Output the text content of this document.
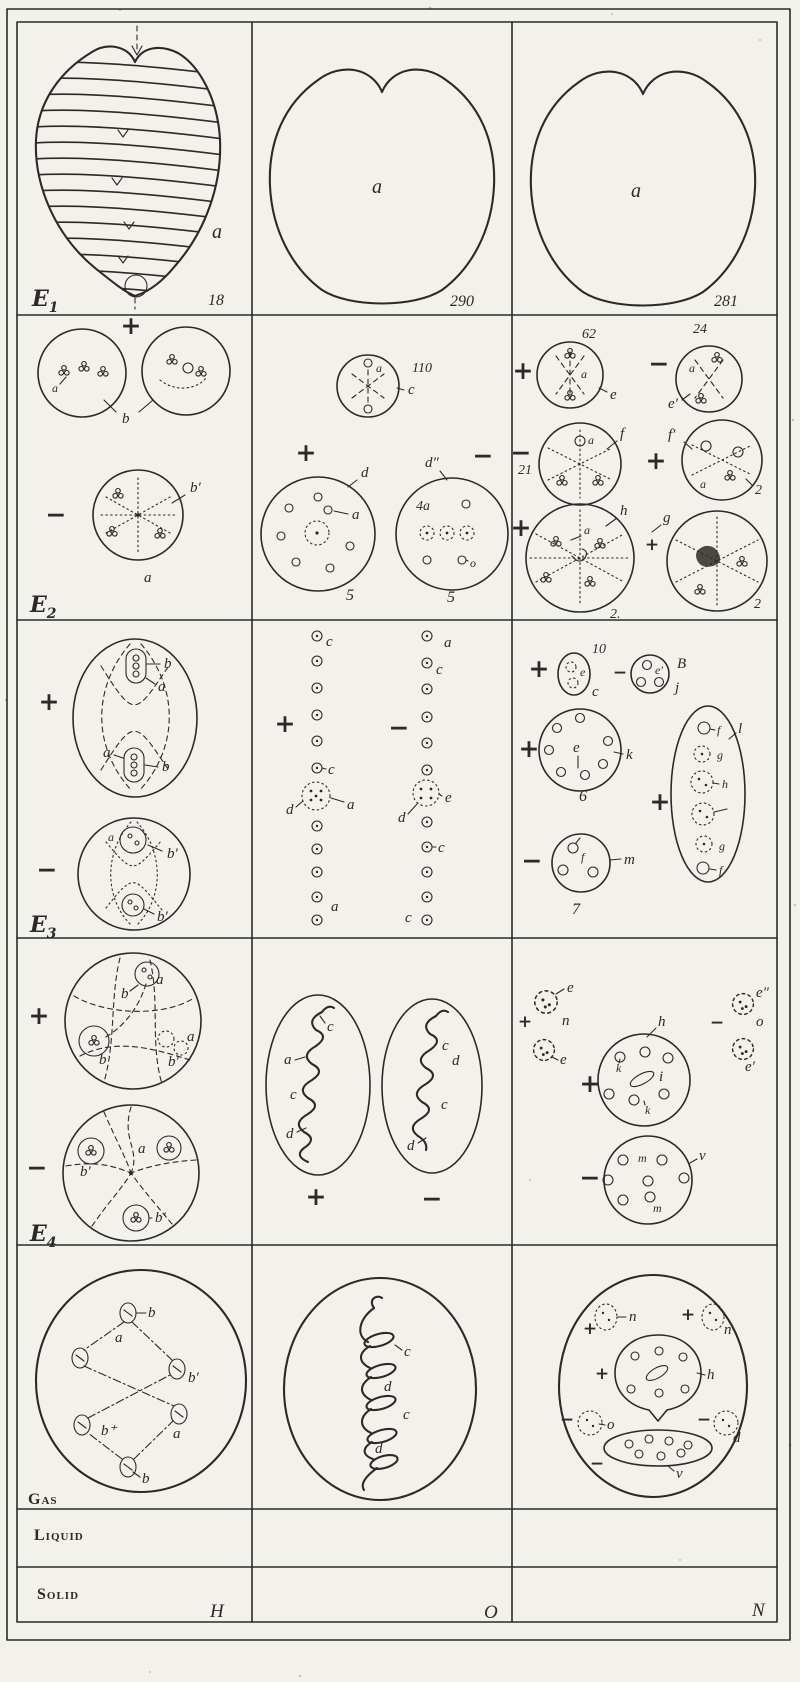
a
$E_1$	18
a
290
a
281
+
a
b
−
b′
a
$E_2$
a 110
c
+
d
a
5
d″ −
4a
o
5
62	24
+	a
e
− a
e′
−
21
a f	f′
+
a	2
h
+	a
g
+
2.
2
+
b
a
a
b
−
a
b′
b′
$E_3$
c
+
c
d	a
a
a
c
−
e
d
c
c
+
10
e
c
−	B
e′
j
+ e	k
6
l
f
g
h
g
f
+
−	f	m
7
+
a
b
b
a
b′
−
a
b′
b′
$E_4$
c
a
c
d
+
c
d
c
d
−
+
e
n
e
−
e″
o
e′
h
+
k
k
i
−
m
m
v
b
a
b′
b⁺	a
b
Gas
c
d
c
d
+
n	+
n
+	h
− o	−
d
−	v
Liquid
Solid
H	O	N
